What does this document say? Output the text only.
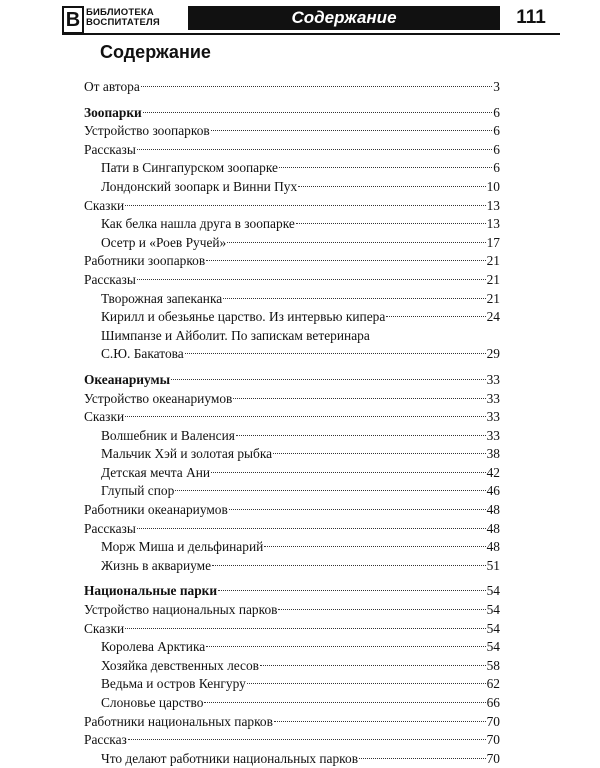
B БИБЛИОТЕКА
ВОСПИТАТЕЛЯ	Содержание	111
Содержание
От автора	3
Зоопарки	6
Устройство зоопарков	6
Рассказы	6
Пати в Сингапурском зоопарке	6
Лондонский зоопарк и Винни Пух	10
Сказки	13
Как белка нашла друга в зоопарке	13
Осетр и «Роев Ручей»	17
Работники зоопарков	21
Рассказы	21
Творожная запеканка	21
Кирилл и обезьянье царство. Из интервью кипера	24
Шимпанзе и Айболит. По запискам ветеринара
С.Ю. Бакатова	29
Океанариумы	33
Устройство океанариумов	33
Сказки	33
Волшебник и Валенсия	33
Мальчик Хэй и золотая рыбка	38
Детская мечта Ани	42
Глупый спор	46
Работники океанариумов	48
Рассказы	48
Морж Миша и дельфинарий	48
Жизнь в аквариуме	51
Национальные парки	54
Устройство национальных парков	54
Сказки	54
Королева Арктика	54
Хозяйка девственных лесов	58
Ведьма и остров Кенгуру	62
Слоновье царство	66
Работники национальных парков	70
Рассказ	70
Что делают работники национальных парков	70
